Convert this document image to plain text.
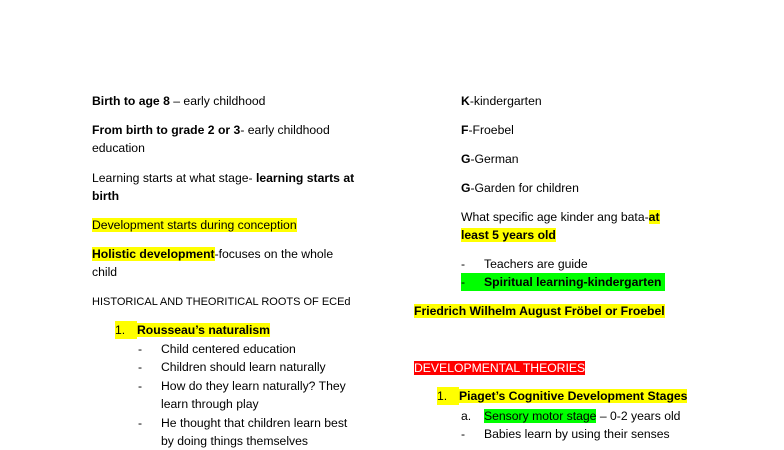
Birth to age 8 – early childhood
From birth to grade 2 or 3- early childhood
education
Learning starts at what stage- learning starts at
birth
Development starts during conception
Holistic development-focuses on the whole
child
HISTORICAL AND THEORITICAL ROOTS OF ECEd
1. Rousseau’s naturalism
- Child centered education
- Children should learn naturally
- How do they learn naturally? They
learn through play
- He thought that children learn best
by doing things themselves
K-kindergarten
F-Froebel
G-German
G-Garden for children
What specific age kinder ang bata-at
least 5 years old
- Teachers are guide
- Spiritual learning-kindergarten
Friedrich Wilhelm August Fröbel or Froebel
DEVELOPMENTAL THEORIES
1. Piaget’s Cognitive Development Stages
a. Sensory motor stage – 0-2 years old
- Babies learn by using their senses
